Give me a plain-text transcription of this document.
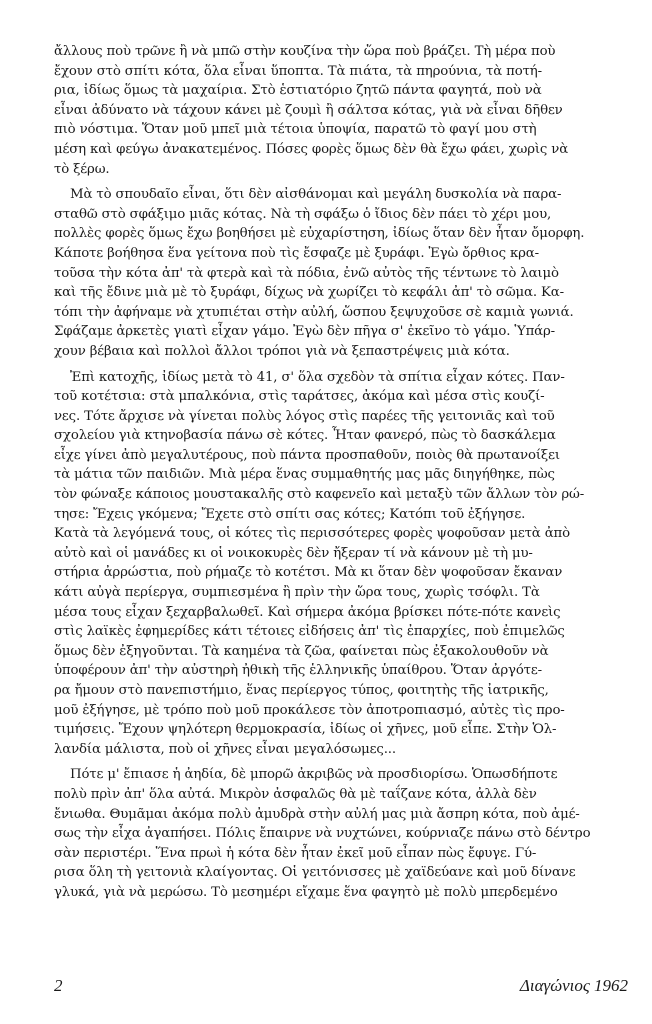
ἄλλους ποὺ τρῶνε ἢ νὰ μπῶ στὴν κουζίνα τὴν ὥρα ποὺ βράζει. Τὴ μέρα ποὺ
ἔχουν στὸ σπίτι κότα, ὅλα εἶναι ὕποπτα. Τὰ πιάτα, τὰ πηρούνια, τὰ ποτή-
ρια, ἰδίως ὅμως τὰ μαχαίρια. Στὸ ἑστιατόριο ζητῶ πάντα φαγητά, ποὺ νὰ
εἶναι ἀδύνατο νὰ τάχουν κάνει μὲ ζουμὶ ἢ σάλτσα κότας, γιὰ νὰ εἶναι δῆθεν
πιὸ νόστιμα. Ὅταν μοῦ μπεῖ μιὰ τέτοια ὑποψία, παρατῶ τὸ φαγί μου στὴ
μέση καὶ φεύγω ἀνακατεμένος. Πόσες φορὲς ὅμως δὲν θὰ ἔχω φάει, χωρὶς νὰ
τὸ ξέρω.
Μὰ τὸ σπουδαῖο εἶναι, ὅτι δὲν αἰσθάνομαι καὶ μεγάλη δυσκολία νὰ παρα-
σταθῶ στὸ σφάξιμο μιᾶς κότας. Νὰ τὴ σφάξω ὁ ἴδιος δὲν πάει τὸ χέρι μου,
πολλὲς φορὲς ὅμως ἔχω βοηθήσει μὲ εὐχαρίστηση, ἰδίως ὅταν δὲν ἦταν ὄμορφη.
Κάποτε βοήθησα ἕνα γείτονα ποὺ τὶς ἔσφαζε μὲ ξυράφι. Ἐγὼ ὄρθιος κρα-
τοῦσα τὴν κότα ἀπ' τὰ φτερὰ καὶ τὰ πόδια, ἐνῶ αὐτὸς τῆς τέντωνε τὸ λαιμὸ
καὶ τῆς ἔδινε μιὰ μὲ τὸ ξυράφι, δίχως νὰ χωρίζει τὸ κεφάλι ἀπ' τὸ σῶμα. Κα-
τόπι τὴν ἀφήναμε νὰ χτυπιέται στὴν αὐλή, ὥσπου ξεψυχοῦσε σὲ καμιὰ γωνιά.
Σφάζαμε ἀρκετὲς γιατὶ εἶχαν γάμο. Ἐγὼ δὲν πῆγα σ' ἐκεῖνο τὸ γάμο. Ὑπάρ-
χουν βέβαια καὶ πολλοὶ ἄλλοι τρόποι γιὰ νὰ ξεπαστρέψεις μιὰ κότα.
Ἐπὶ κατοχῆς, ἰδίως μετὰ τὸ 41, σ' ὅλα σχεδὸν τὰ σπίτια εἶχαν κότες. Παν-
τοῦ κοτέτσια: στὰ μπαλκόνια, στὶς ταράτσες, ἀκόμα καὶ μέσα στὶς κουζί-
νες. Τότε ἄρχισε νὰ γίνεται πολὺς λόγος στὶς παρέες τῆς γειτονιᾶς καὶ τοῦ
σχολείου γιὰ κτηνοβασία πάνω σὲ κότες. Ἦταν φανερό, πὼς τὸ δασκάλεμα
εἶχε γίνει ἀπὸ μεγαλυτέρους, ποὺ πάντα προσπαθοῦν, ποιὸς θὰ πρωτανοίξει
τὰ μάτια τῶν παιδιῶν. Μιὰ μέρα ἕνας συμμαθητής μας μᾶς διηγήθηκε, πὼς
τὸν φώναξε κάποιος μουσταкαλῆς στὸ καφενεῖο καὶ μεταξὺ τῶν ἄλλων τὸν ρώ-
τησε: Ἔχεις γκόμενα; Ἔχετε στὸ σπίτι σας κότες; Κατόπι τοῦ ἐξήγησε.
Κατὰ τὰ λεγόμενά τους, οἱ κότες τὶς περισσότερες φορὲς ψοφοῦσαν μετὰ ἀπὸ
αὐτὸ καὶ οἱ μανάδες κι οἱ νοικοκυρὲς δὲν ἤξεραν τί νὰ κάνουν μὲ τὴ μυ-
στήρια ἀρρώστια, ποὺ ρήμαζε τὸ κοτέτσι. Μὰ κι ὅταν δὲν ψοφοῦσαν ἔκαναν
κάτι αὐγὰ περίεργα, συμπιεσμένα ἢ πρὶν τὴν ὥρα τους, χωρὶς τσόφλι. Τὰ
μέσα τους εἶχαν ξεχαρβαλωθεῖ. Καὶ σήμερα ἀκόμα βρίσκει πότε-πότε κανεὶς
στὶς λαϊκὲς ἐφημερίδες κάτι τέτοιες εἰδήσεις ἀπ' τὶς ἐπαρχίες, ποὺ ἐπιμελῶς
ὅμως δὲν ἐξηγοῦνται. Τὰ καημένα τὰ ζῶα, φαίνεται πὼς ἐξακολουθοῦν νὰ
ὑποφέρουν ἀπ' τὴν αὐστηρὴ ἠθικὴ τῆς ἑλληνικῆς ὑπαίθρου. Ὅταν ἀργότε-
ρα ἤμουν στὸ πανεπιστήμιο, ἕνας περίεργος τύπος, φοιτητὴς τῆς ἰατρικῆς,
μοῦ ἐξήγησε, μὲ τρόπο ποὺ μοῦ προκάλεσε τὸν ἀποτροπιασμό, αὐτὲς τὶς προ-
τιμήσεις. Ἔχουν ψηλότερη θερμοκρασία, ἰδίως οἱ χῆνες, μοῦ εἶπε. Στὴν Ὁλ-
λανδία μάλιστα, ποὺ οἱ χῆνες εἶναι μεγαλόσωμες...
Πότε μ' ἔπιασε ἡ ἀηδία, δὲ μπορῶ ἀκριβῶς νὰ προσδιορίσω. Ὁπωσδήποτε
πολὺ πρὶν ἀπ' ὅλα αὐτά. Μικρὸν ἀσφαλῶς θὰ μὲ ταΐζανε κότα, ἀλλὰ δὲν
ἔνιωθα. Θυμᾶμαι ἀκόμα πολὺ ἀμυδρὰ στὴν αὐλή μας μιὰ ἄσπρη κότα, ποὺ ἀμέ-
σως τὴν εἶχα ἀγαπήσει. Πόλις ἔπαιρνε νὰ νυχτώνει, κούρνιαζε πάνω στὸ δέντρο
σὰν περιστέρι. Ἕνα πρωὶ ἡ κότα δὲν ἦταν ἐκεῖ μοῦ εἶπαν πὼς ἔφυγε. Γύ-
ρισα ὅλη τὴ γειτονιὰ κλαίγοντας. Οἱ γειτόνισσες μὲ χαϊδεύανε καὶ μοῦ δίνανε
γλυκά, γιὰ νὰ μερώσω. Τὸ μεσημέρι εἴχαμε ἕνα φαγητὸ μὲ πολὺ μπερδεμένο
2	Διαγώνιος 1962
